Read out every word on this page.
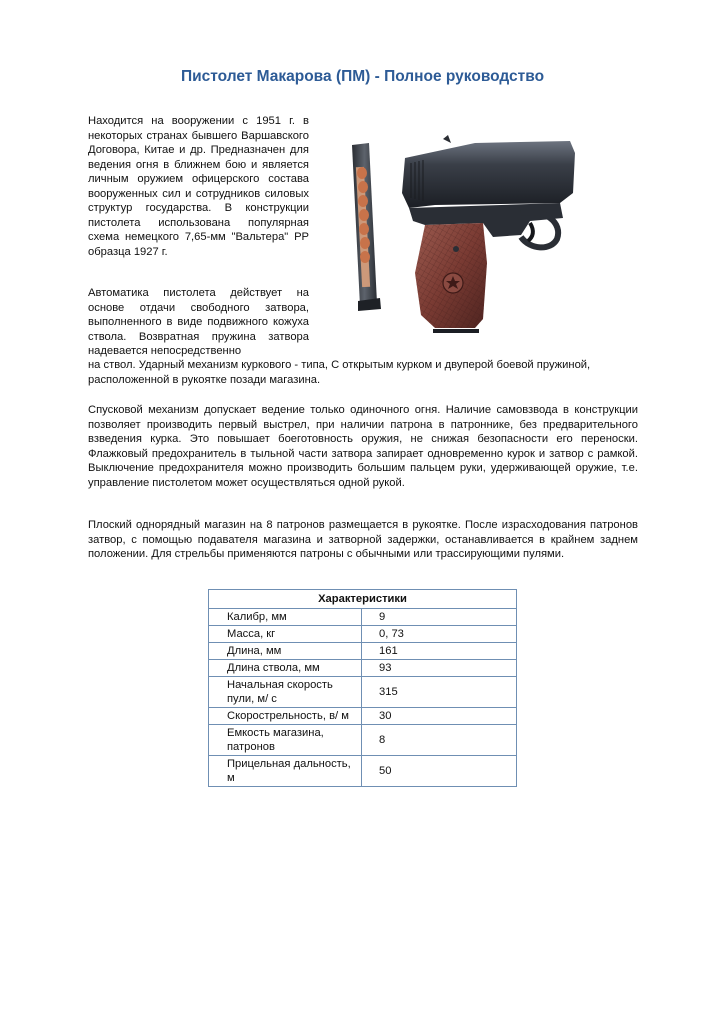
Пистолет Макарова (ПМ) - Полное руководство

Находится на вооружении с 1951 г. в некоторых странах бывшего Варшавского Договора, Китае и др. Предназначен для ведения огня в ближнем бою и является личным оружием офицерского состава вооруженных сил и сотрудников силовых структур государства. В конструкции пистолета использована популярная схема немецкого 7,65-мм "Вальтера" PP образца 1927 г.

Автоматика пистолета действует на основе отдачи свободного затвора, выполненного в виде подвижного кожуха ствола. Возвратная пружина затвора надевается непосредственно

на ствол. Ударный механизм куркового - типа, С открытым курком и двуперой боевой пружиной, расположенной в рукоятке позади магазина.

Спусковой механизм допускает ведение только одиночного огня. Наличие самовзвода в конструкции позволяет производить первый выстрел, при наличии патрона в патроннике, без предварительного взведения курка. Это повышает боеготовность оружия, не снижая безопасности его переноски. Флажковый предохранитель в тыльной части затвора запирает одновременно курок и затвор с рамкой. Выключение предохранителя можно производить большим пальцем руки, удерживающей оружие, т.е. управление пистолетом может осуществляться одной рукой.

Плоский однорядный магазин на 8 патронов размещается в рукоятке. После израсходования патронов затвор, с помощью подавателя магазина и затворной задержки, останавливается в крайнем заднем положении. Для стрельбы применяются патроны с обычными или трассирующими пулями.

Характеристики	
Калибр, мм	9
Масса, кг	0, 73
Длина, мм	161
Длина ствола, мм	93
Начальная скорость пули, м/ с	315
Скорострельность, в/ м	30
Емкость магазина, патронов	8
Прицельная дальность, м	50
